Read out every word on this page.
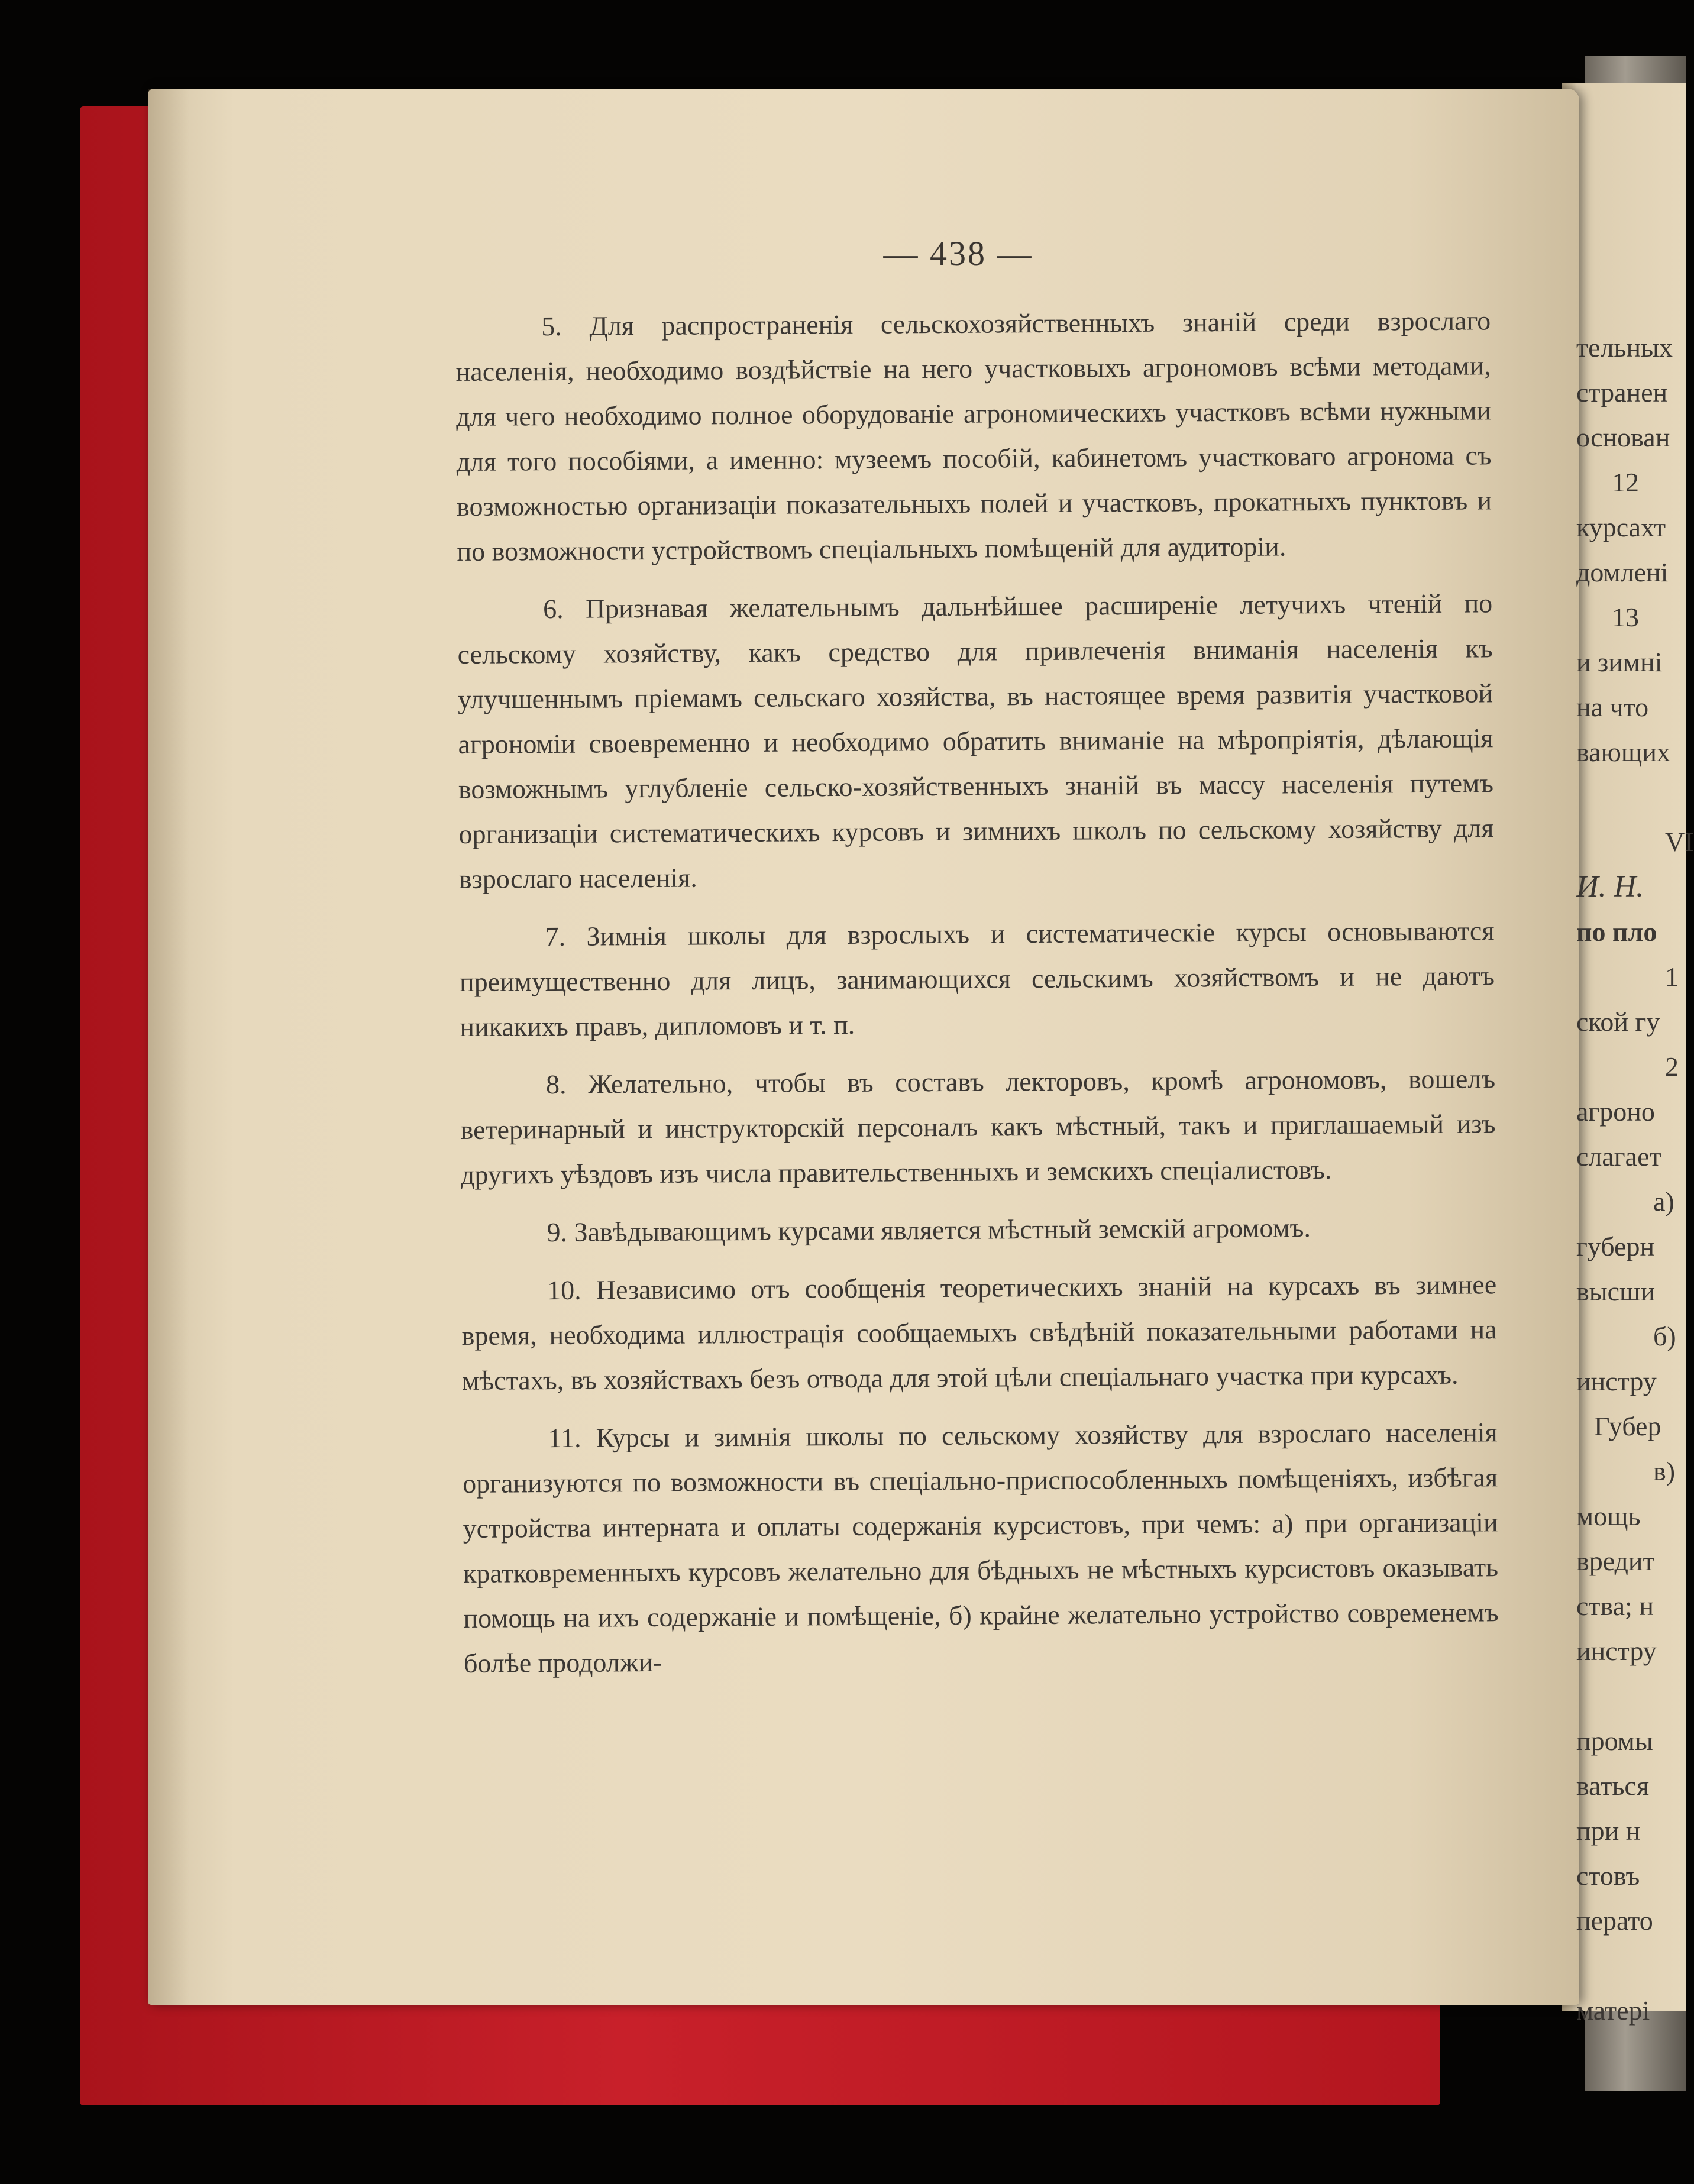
— 438 —

5. Для распространенія сельскохозяйственныхъ знаній среди взрослаго населенія, необходимо воздѣйствіе на него участковыхъ агрономовъ всѣми методами, для чего необходимо полное оборудованіе агрономическихъ участковъ всѣми нужными для того пособіями, а именно: музеемъ пособій, кабинетомъ участковаго агронома съ возможностью организаціи показательныхъ полей и участковъ, прокатныхъ пунктовъ и по возможности устройствомъ спеціальныхъ помѣщеній для аудиторіи.

6. Признавая желательнымъ дальнѣйшее расширеніе летучихъ чтеній по сельскому хозяйству, какъ средство для привлеченія вниманія населенія къ улучшеннымъ пріемамъ сельскаго хозяйства, въ настоящее время развитія участковой агрономіи своевременно и необходимо обратить вниманіе на мѣропріятія, дѣлающія возможнымъ углубленіе сельско-хозяйственныхъ знаній въ массу населенія путемъ организаціи систематическихъ курсовъ и зимнихъ школъ по сельскому хозяйству для взрослаго населенія.

7. Зимнія школы для взрослыхъ и систематическіе курсы основываются преимущественно для лицъ, занимающихся сельскимъ хозяйствомъ и не даютъ никакихъ правъ, дипломовъ и т. п.

8. Желательно, чтобы въ составъ лекторовъ, кромѣ агрономовъ, вошелъ ветеринарный и инструкторскій персоналъ какъ мѣстный, такъ и приглашаемый изъ другихъ уѣздовъ изъ числа правительственныхъ и земскихъ спеціалистовъ.

9. Завѣдывающимъ курсами является мѣстный земскій агромомъ.

10. Независимо отъ сообщенія теоретическихъ знаній на курсахъ въ зимнее время, необходима иллюстрація сообщаемыхъ свѣдѣній показательными работами на мѣстахъ, въ хозяйствахъ безъ отвода для этой цѣли спеціальнаго участка при курсахъ.

11. Курсы и зимнія школы по сельскому хозяйству для взрослаго населенія организуются по возможности въ спеціально-приспособленныхъ помѣщеніяхъ, избѣгая устройства интерната и оплаты содержанія курсистовъ, при чемъ: а) при организаціи кратковременныхъ курсовъ желательно для бѣдныхъ не мѣстныхъ курсистовъ оказывать помощь на ихъ содержаніе и помѣщеніе, б) крайне желательно устройство современемъ болѣе продолжи-

тельных
странен
основан
12
курсахт
домлені
13
и зимні
на что
вающих
VI
И. Н.
по пло
1
ской гу
2
агроно
слагает
а)
губерн
высши
б)
инстру
Губер
в)
мощь
вредит
ства; н
инстру
промы
ваться
при н
стовъ
перато
матері
